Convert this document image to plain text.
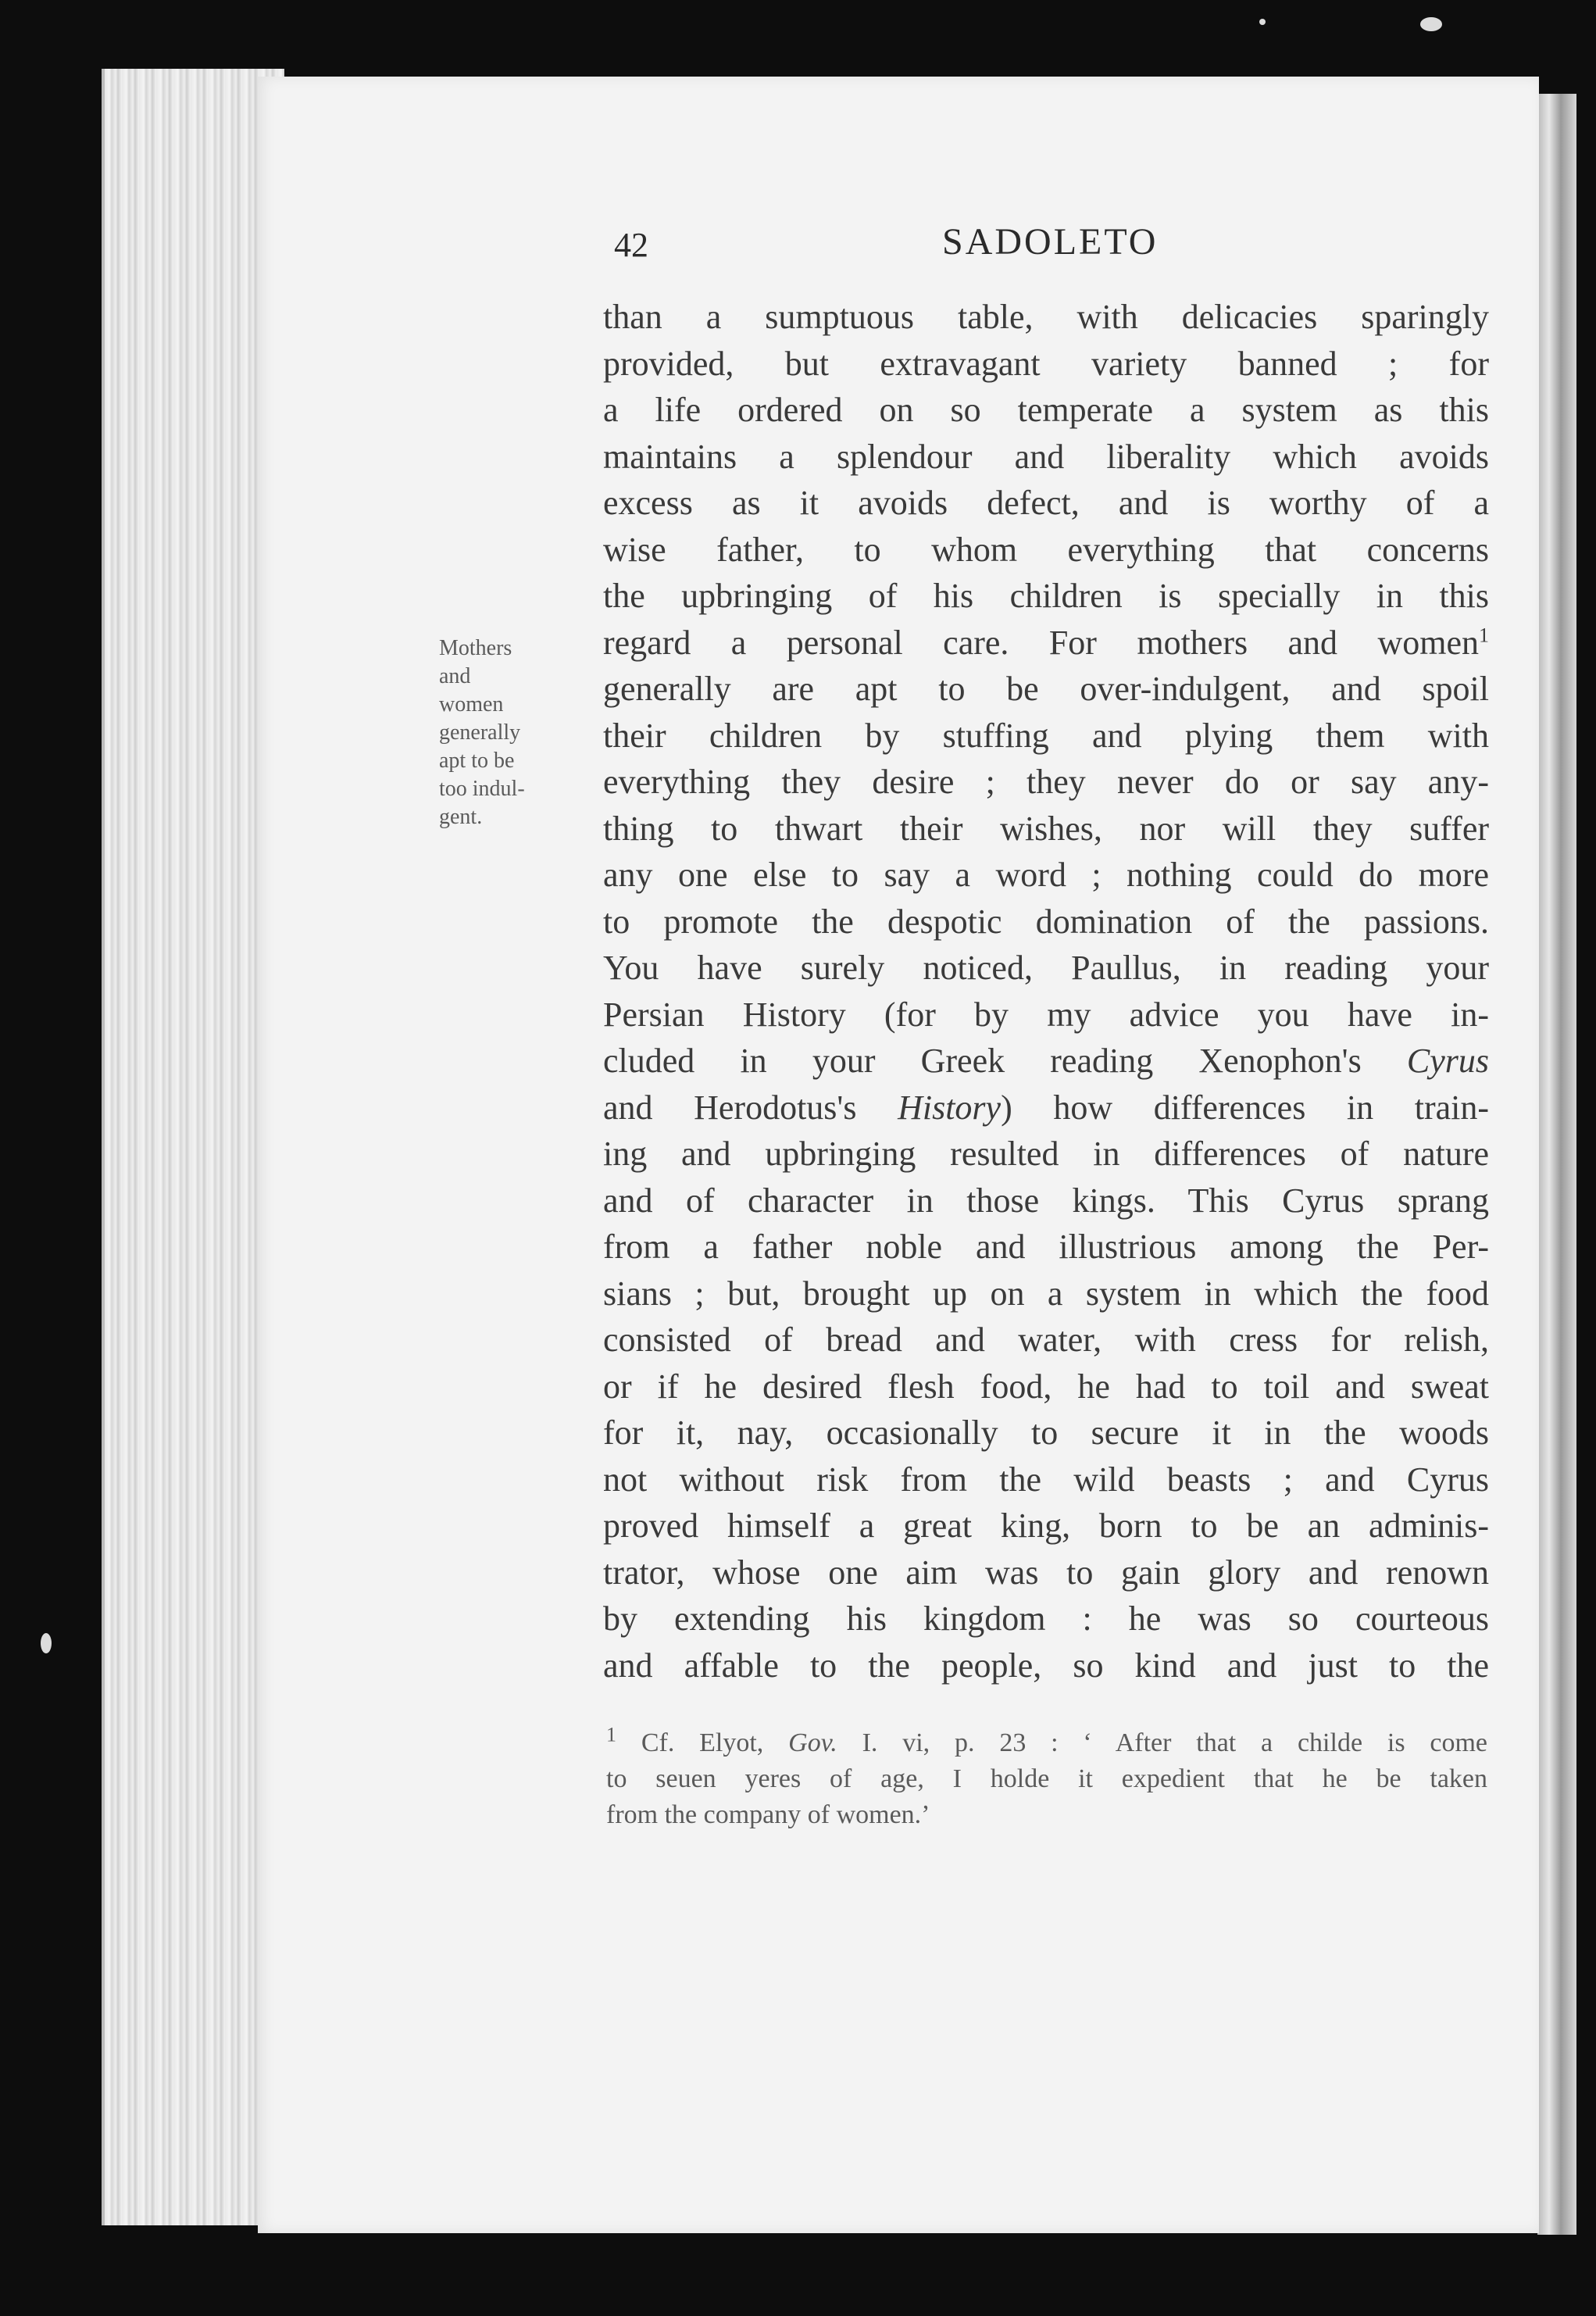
42	SADOLETO
Mothers
and
women
generally
apt to be
too indul-
gent.
than a sumptuous table, with delicacies sparingly
provided, but extravagant variety banned ; for
a life ordered on so temperate a system as this
maintains a splendour and liberality which avoids
excess as it avoids defect, and is worthy of a
wise father, to whom everything that concerns
the upbringing of his children is specially in this
regard a personal care. For mothers and women$^1$
generally are apt to be over-indulgent, and spoil
their children by stuffing and plying them with
everything they desire ; they never do or say any-
thing to thwart their wishes, nor will they suffer
any one else to say a word ; nothing could do more
to promote the despotic domination of the passions.
You have surely noticed, Paullus, in reading your
Persian History (for by my advice you have in-
cluded in your Greek reading Xenophon's Cyrus
and Herodotus's History) how differences in train-
ing and upbringing resulted in differences of nature
and of character in those kings. This Cyrus sprang
from a father noble and illustrious among the Per-
sians ; but, brought up on a system in which the food
consisted of bread and water, with cress for relish,
or if he desired flesh food, he had to toil and sweat
for it, nay, occasionally to secure it in the woods
not without risk from the wild beasts ; and Cyrus
proved himself a great king, born to be an adminis-
trator, whose one aim was to gain glory and renown
by extending his kingdom : he was so courteous
and affable to the people, so kind and just to the
$^1$ Cf. Elyot, Gov. I. vi, p. 23 : ‘ After that a childe is come
to seuen yeres of age, I holde it expedient that he be taken
from the company of women.’
